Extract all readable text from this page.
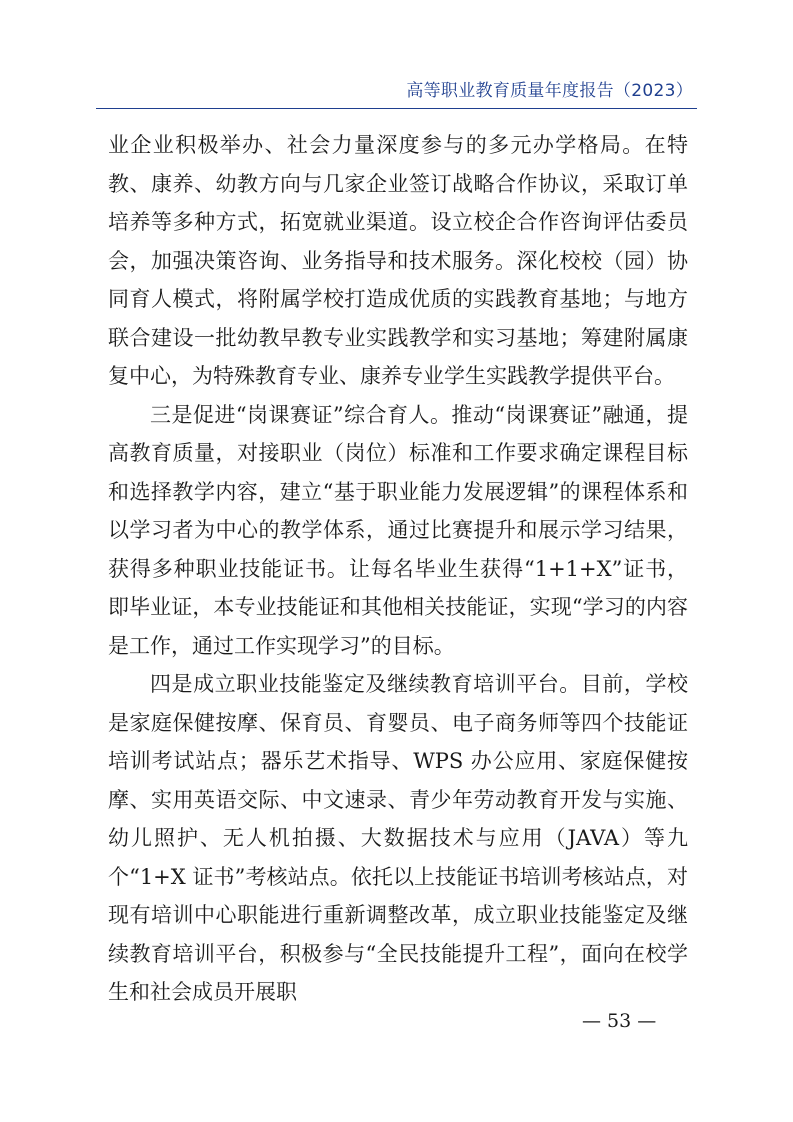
高等职业教育质量年度报告（2023）

业企业积极举办、社会力量深度参与的多元办学格局。在特教、康养、幼教方向与几家企业签订战略合作协议，采取订单培养等多种方式，拓宽就业渠道。设立校企合作咨询评估委员会，加强决策咨询、业务指导和技术服务。深化校校（园）协同育人模式，将附属学校打造成优质的实践教育基地；与地方联合建设一批幼教早教专业实践教学和实习基地；筹建附属康复中心，为特殊教育专业、康养专业学生实践教学提供平台。

三是促进“岗课赛证”综合育人。推动“岗课赛证”融通，提高教育质量，对接职业（岗位）标准和工作要求确定课程目标和选择教学内容，建立“基于职业能力发展逻辑”的课程体系和以学习者为中心的教学体系，通过比赛提升和展示学习结果，获得多种职业技能证书。让每名毕业生获得“1+1+X”证书，即毕业证，本专业技能证和其他相关技能证，实现“学习的内容是工作，通过工作实现学习”的目标。

四是成立职业技能鉴定及继续教育培训平台。目前，学校是家庭保健按摩、保育员、育婴员、电子商务师等四个技能证培训考试站点；器乐艺术指导、WPS 办公应用、家庭保健按摩、实用英语交际、中文速录、青少年劳动教育开发与实施、幼儿照护、无人机拍摄、大数据技术与应用（JAVA）等九个“1+X 证书”考核站点。依托以上技能证书培训考核站点，对现有培训中心职能进行重新调整改革，成立职业技能鉴定及继续教育培训平台，积极参与“全民技能提升工程”，面向在校学生和社会成员开展职

— 53 —
